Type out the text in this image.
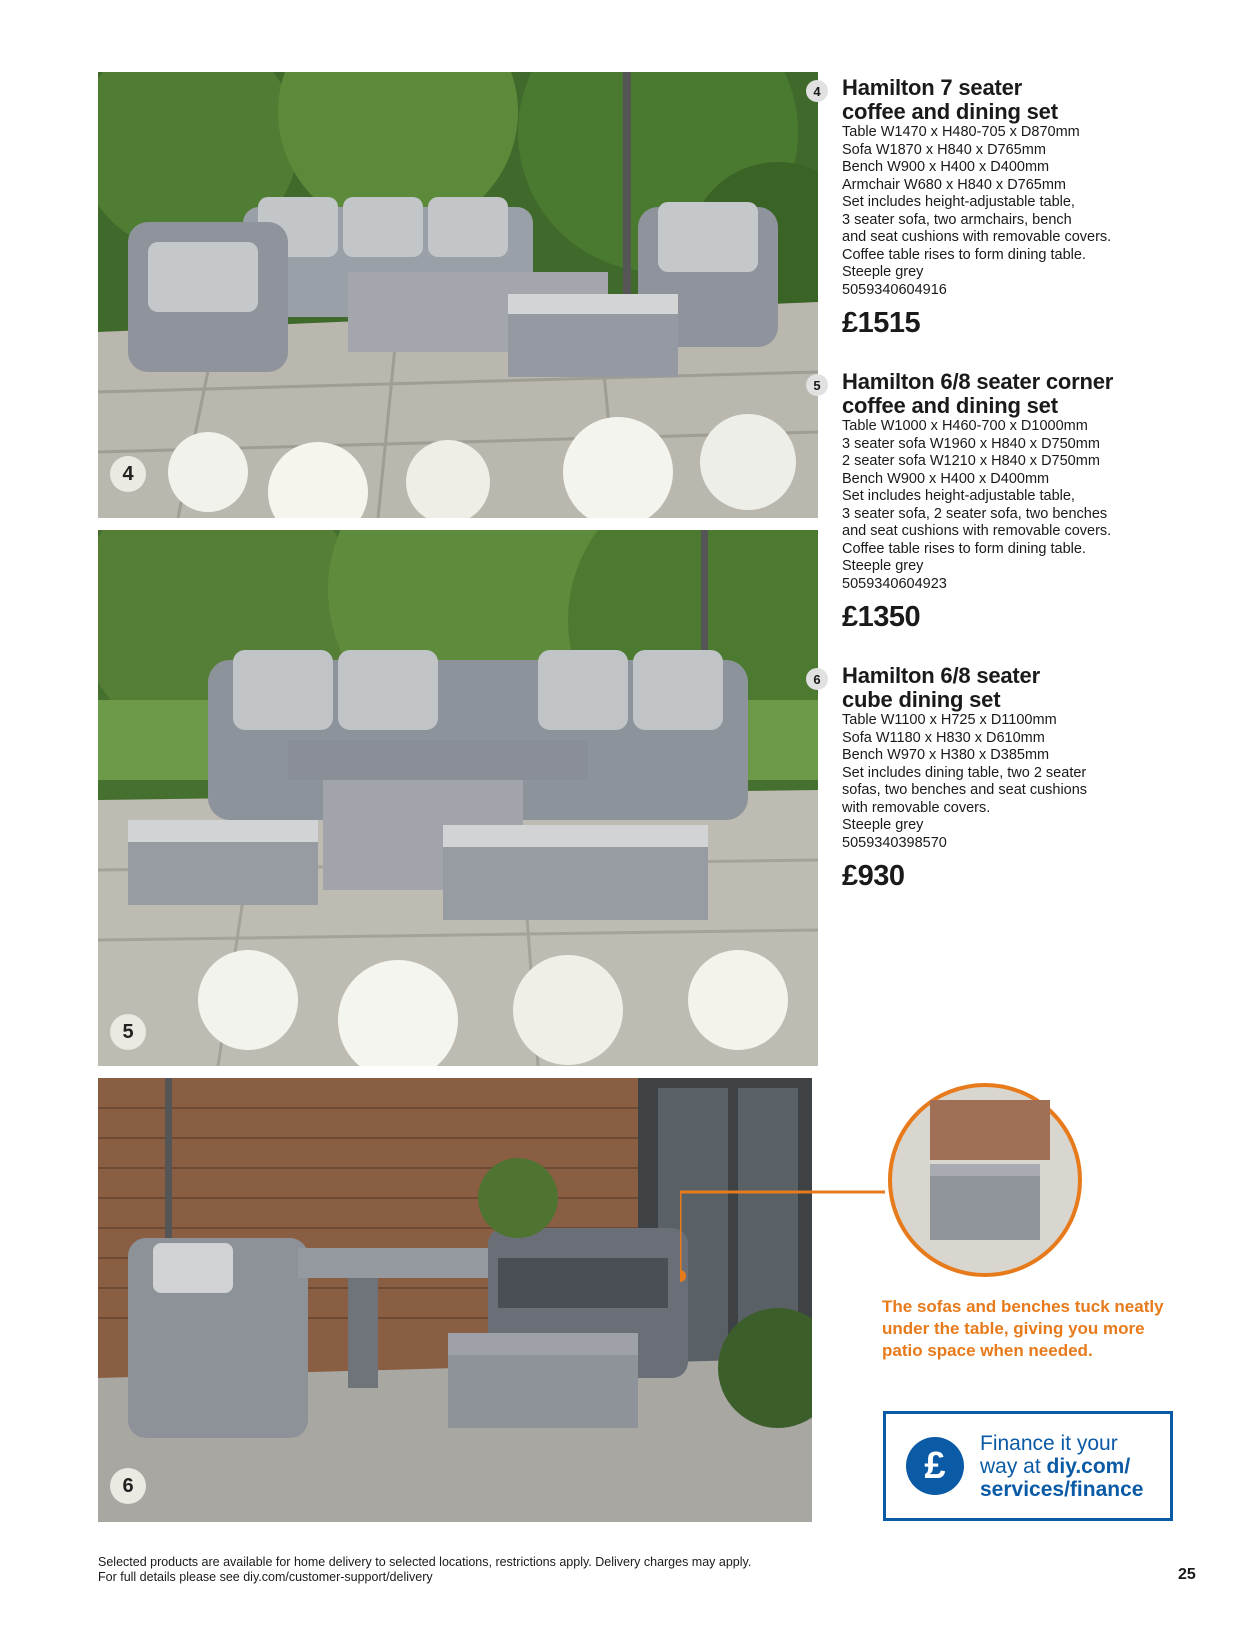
4
5
6
4 Hamilton 7 seater
coffee and dining set
Table W1470 x H480-705 x D870mm
Sofa W1870 x H840 x D765mm
Bench W900 x H400 x D400mm
Armchair W680 x H840 x D765mm
Set includes height-adjustable table,
3 seater sofa, two armchairs, bench
and seat cushions with removable covers.
Coffee table rises to form dining table.
Steeple grey
5059340604916
£1515
5 Hamilton 6/8 seater corner
coffee and dining set
Table W1000 x H460-700 x D1000mm
3 seater sofa W1960 x H840 x D750mm
2 seater sofa W1210 x H840 x D750mm
Bench W900 x H400 x D400mm
Set includes height-adjustable table,
3 seater sofa, 2 seater sofa, two benches
and seat cushions with removable covers.
Coffee table rises to form dining table.
Steeple grey
5059340604923
£1350
6 Hamilton 6/8 seater
cube dining set
Table W1100 x H725 x D1100mm
Sofa W1180 x H830 x D610mm
Bench W970 x H380 x D385mm
Set includes dining table, two 2 seater
sofas, two benches and seat cushions
with removable covers.
Steeple grey
5059340398570
£930
The sofas and benches tuck neatly
under the table, giving you more
patio space when needed.
£
Finance it your
way at diy.com/
services/finance
Selected products are available for home delivery to selected locations, restrictions apply. Delivery charges may apply.
For full details please see diy.com/customer-support/delivery	25
